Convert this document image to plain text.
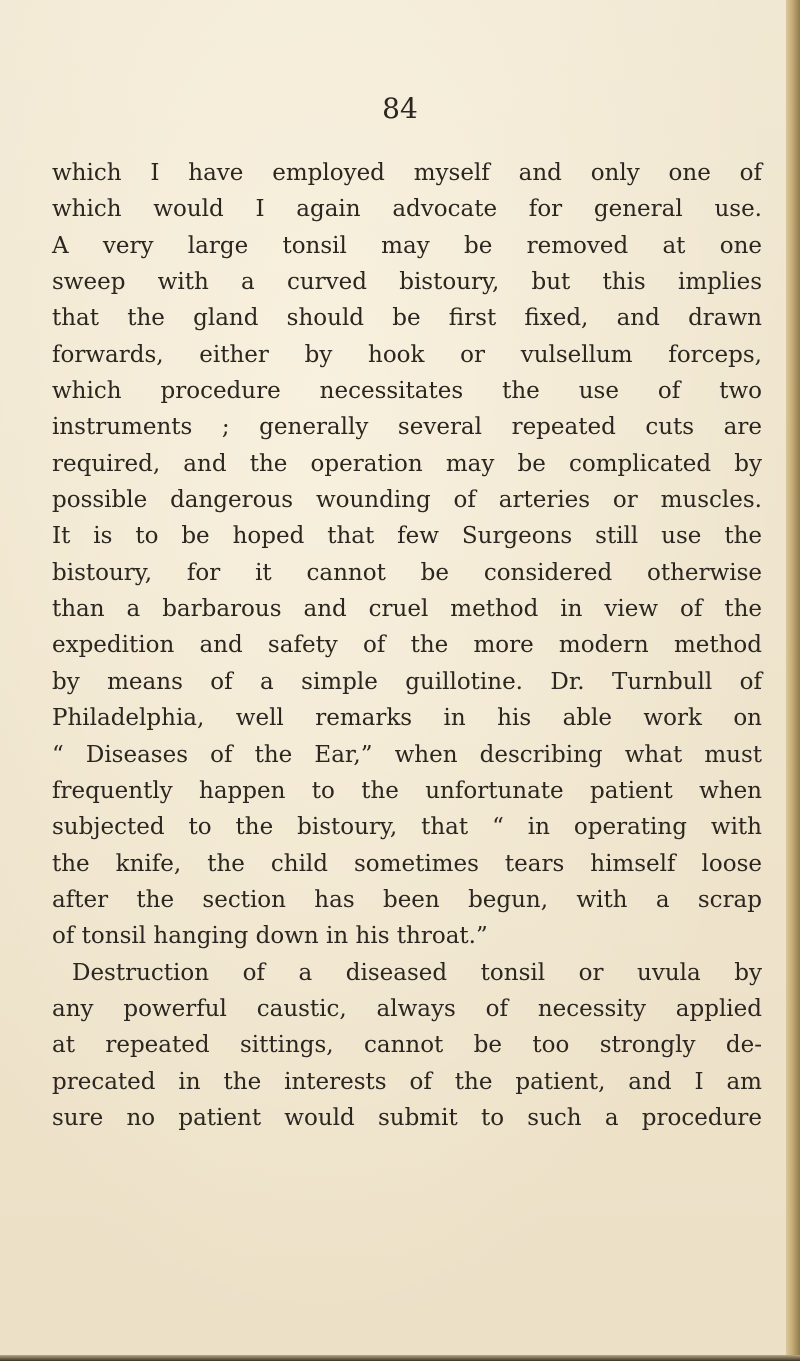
84

which I have employed myself and only one of
which would I again advocate for general use.
A very large tonsil may be removed at one
sweep with a curved bistoury, but this implies
that the gland should be first fixed, and drawn
forwards, either by hook or vulsellum forceps,
which procedure necessitates the use of two
instruments ; generally several repeated cuts are
required, and the operation may be complicated by
possible dangerous wounding of arteries or muscles.
It is to be hoped that few Surgeons still use the
bistoury, for it cannot be considered otherwise
than a barbarous and cruel method in view of the
expedition and safety of the more modern method
by means of a simple guillotine. Dr. Turnbull of
Philadelphia, well remarks in his able work on
“ Diseases of the Ear,” when describing what must
frequently happen to the unfortunate patient when
subjected to the bistoury, that “ in operating with
the knife, the child sometimes tears himself loose
after the section has been begun, with a scrap
of tonsil hanging down in his throat.”
Destruction of a diseased tonsil or uvula by
any powerful caustic, always of necessity applied
at repeated sittings, cannot be too strongly de-
precated in the interests of the patient, and I am
sure no patient would submit to such a procedure
